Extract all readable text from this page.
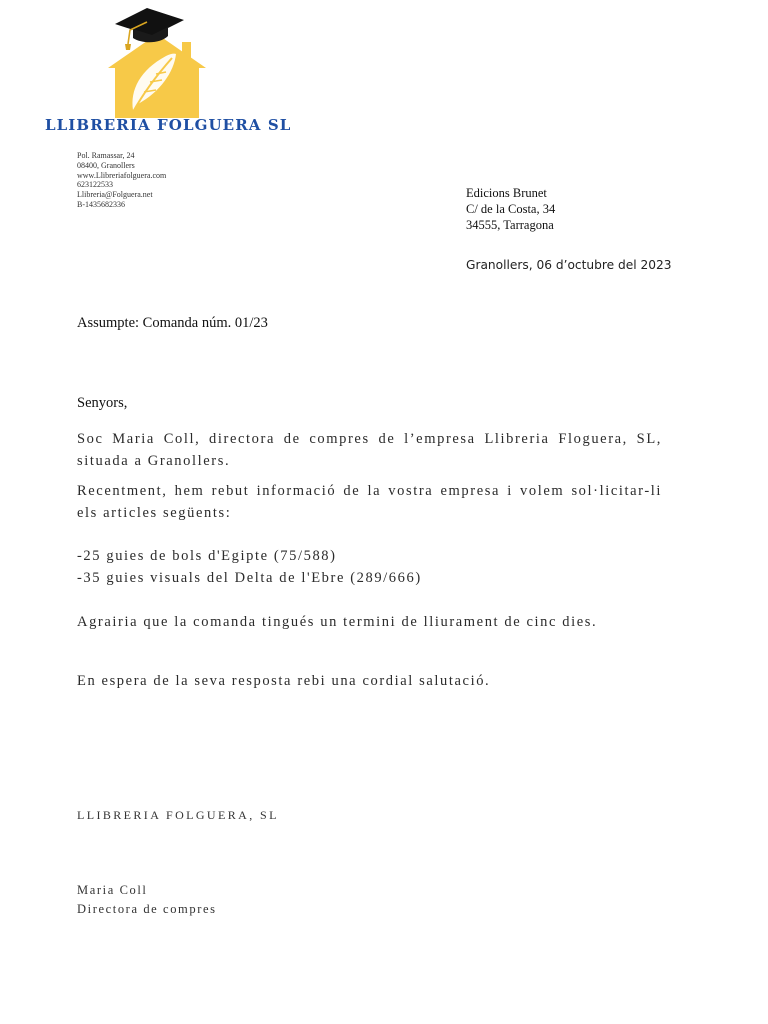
LLIBRERIA FOLGUERA SL
Pol. Ramassar, 24
08400, Granollers
www.Llibreriafolguera.com
623122533
Llibreria@Folguera.net
B-1435682336
Edicions Brunet
C/ de la Costa, 34
34555, Tarragona
Granollers, 06 d’octubre del 2023
Assumpte: Comanda núm. 01/23
Senyors,
Soc Maria Coll, directora de compres de l’empresa Llibreria Floguera, SL, situada a Granollers.
Recentment, hem rebut informació de la vostra empresa i volem sol·licitar-li els articles següents:
-25 guies de bols d'Egipte (75/588)
-35 guies visuals del Delta de l'Ebre (289/666)
Agrairia que la comanda tingués un termini de lliurament de cinc dies.
En espera de la seva resposta rebi una cordial salutació.
LLIBRERIA FOLGUERA, SL
Maria Coll
Directora de compres
